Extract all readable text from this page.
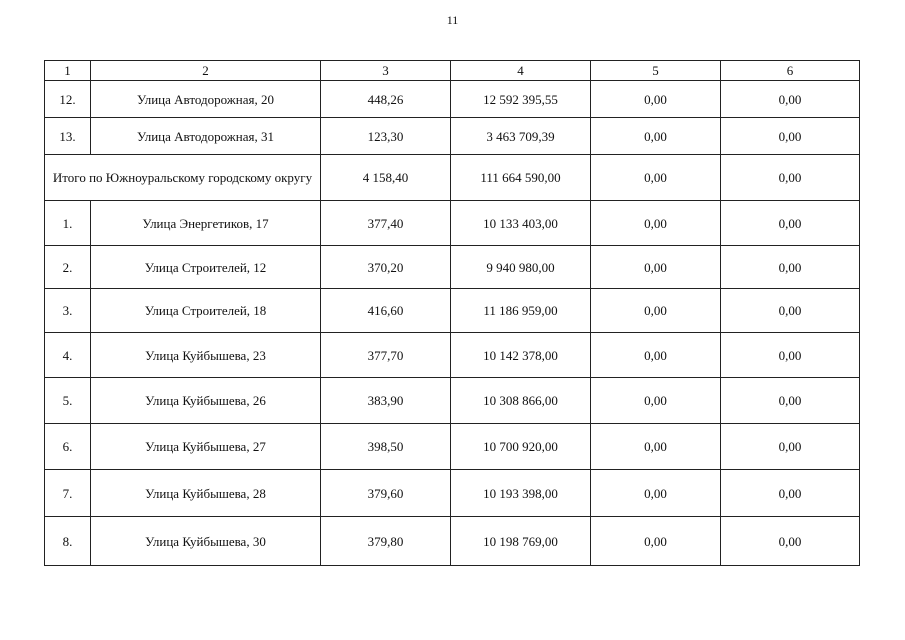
11
1	2	3	4	5	6
12.	Улица Автодорожная, 20	448,26	12 592 395,55	0,00	0,00
13.	Улица Автодорожная, 31	123,30	3 463 709,39	0,00	0,00
Итого по Южноуральскому городскому округу		4 158,40	111 664 590,00	0,00	0,00
1.	Улица Энергетиков, 17	377,40	10 133 403,00	0,00	0,00
2.	Улица Строителей, 12	370,20	9 940 980,00	0,00	0,00
3.	Улица Строителей, 18	416,60	11 186 959,00	0,00	0,00
4.	Улица Куйбышева, 23	377,70	10 142 378,00	0,00	0,00
5.	Улица Куйбышева, 26	383,90	10 308 866,00	0,00	0,00
6.	Улица Куйбышева, 27	398,50	10 700 920,00	0,00	0,00
7.	Улица Куйбышева, 28	379,60	10 193 398,00	0,00	0,00
8.	Улица Куйбышева, 30	379,80	10 198 769,00	0,00	0,00
